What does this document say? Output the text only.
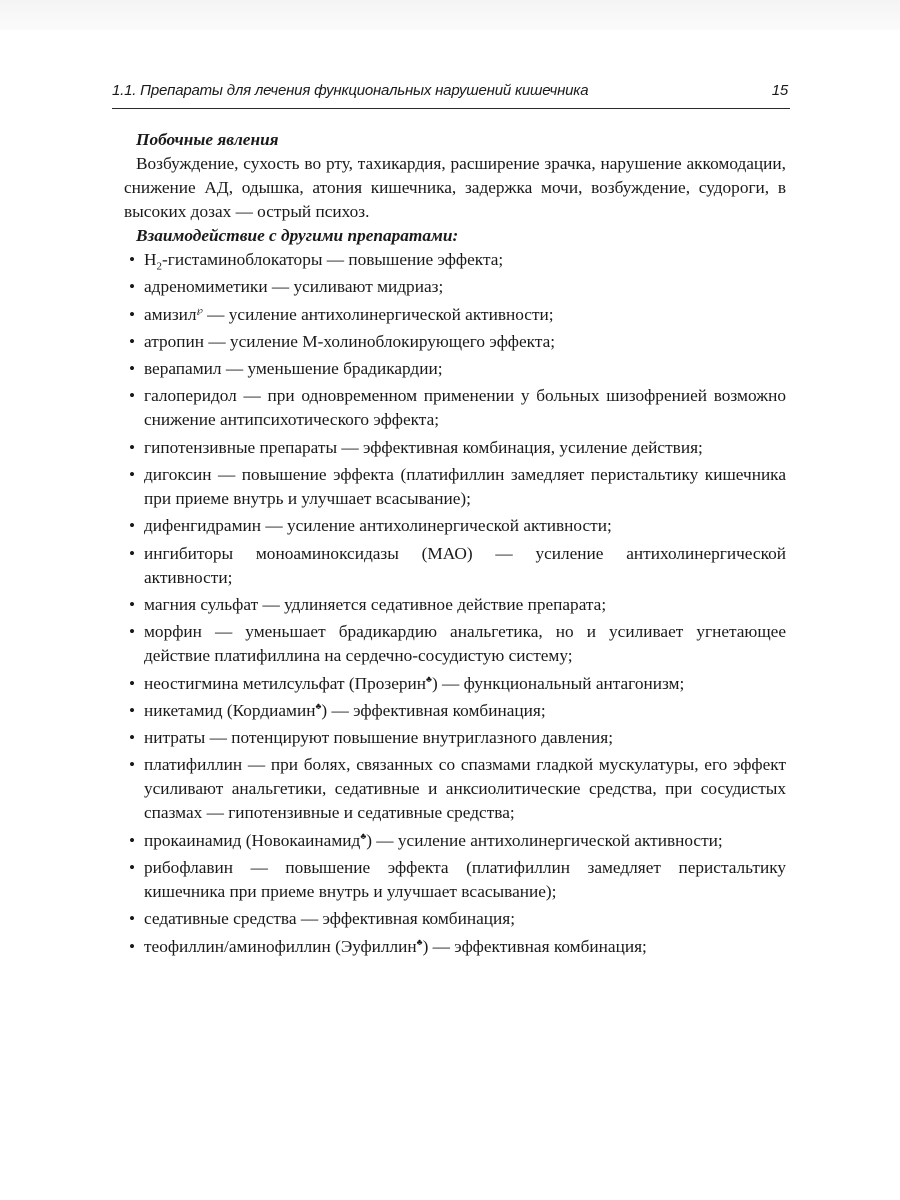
1.1. Препараты для лечения функциональных нарушений кишечника	15

Побочные явления

Возбуждение, сухость во рту, тахикардия, расширение зрачка, нарушение аккомодации, снижение АД, одышка, атония кишечника, задержка мочи, возбуждение, судороги, в высоких дозах — острый психоз.

Взаимодействие с другими препаратами:

• $H_2$-гистаминоблокаторы — повышение эффекта;
• адреномиметики — усиливают мидриаз;
• амизил℘ — усиление антихолинергической активности;
• атропин — усиление М-холиноблокирующего эффекта;
• верапамил — уменьшение брадикардии;
• галоперидол — при одновременном применении у больных шизофренией возможно снижение антипсихотического эффекта;
• гипотензивные препараты — эффективная комбинация, усиление действия;
• дигоксин — повышение эффекта (платифиллин замедляет перистальтику кишечника при приеме внутрь и улучшает всасывание);
• дифенгидрамин — усиление антихолинергической активности;
• ингибиторы моноаминоксидазы (МАО) — усиление антихолинергической активности;
• магния сульфат — удлиняется седативное действие препарата;
• морфин — уменьшает брадикардию анальгетика, но и усиливает угнетающее действие платифиллина на сердечно-сосудистую систему;
• неостигмина метилсульфат (Прозерин♣) — функциональный антагонизм;
• никетамид (Кордиамин♣) — эффективная комбинация;
• нитраты — потенцируют повышение внутриглазного давления;
• платифиллин — при болях, связанных со спазмами гладкой мускулатуры, его эффект усиливают анальгетики, седативные и анксиолитические средства, при сосудистых спазмах — гипотензивные и седативные средства;
• прокаинамид (Новокаинамид♣) — усиление антихолинергической активности;
• рибофлавин — повышение эффекта (платифиллин замедляет перистальтику кишечника при приеме внутрь и улучшает всасывание);
• седативные средства — эффективная комбинация;
• теофиллин/аминофиллин (Эуфиллин♣) — эффективная комбинация;
